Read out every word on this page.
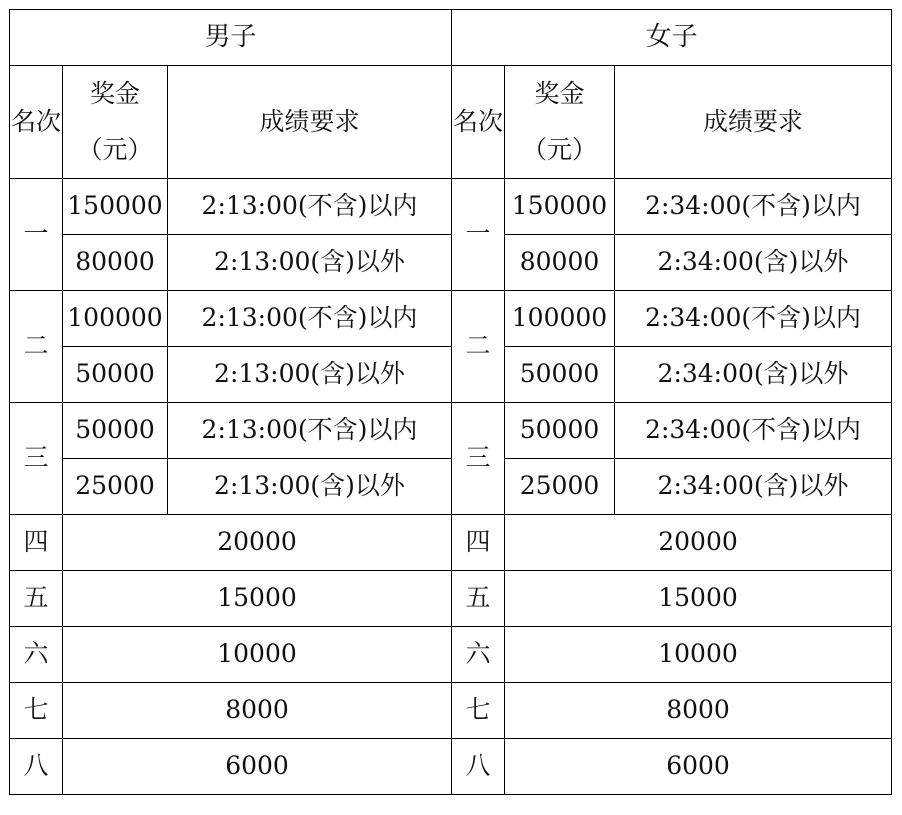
男子			女子		
名次	奖金（元）	成绩要求	名次	奖金（元）	成绩要求
一	150000	2:13:00(不含)以内	一	150000	2:34:00(不含)以内
	80000	2:13:00(含)以外		80000	2:34:00(含)以外
二	100000	2:13:00(不含)以内	二	100000	2:34:00(不含)以内
	50000	2:13:00(含)以外		50000	2:34:00(含)以外
三	50000	2:13:00(不含)以内	三	50000	2:34:00(不含)以内
	25000	2:13:00(含)以外		25000	2:34:00(含)以外
四	20000		四	20000	
五	15000		五	15000	
六	10000		六	10000	
七	8000		七	8000	
八	6000		八	6000	
